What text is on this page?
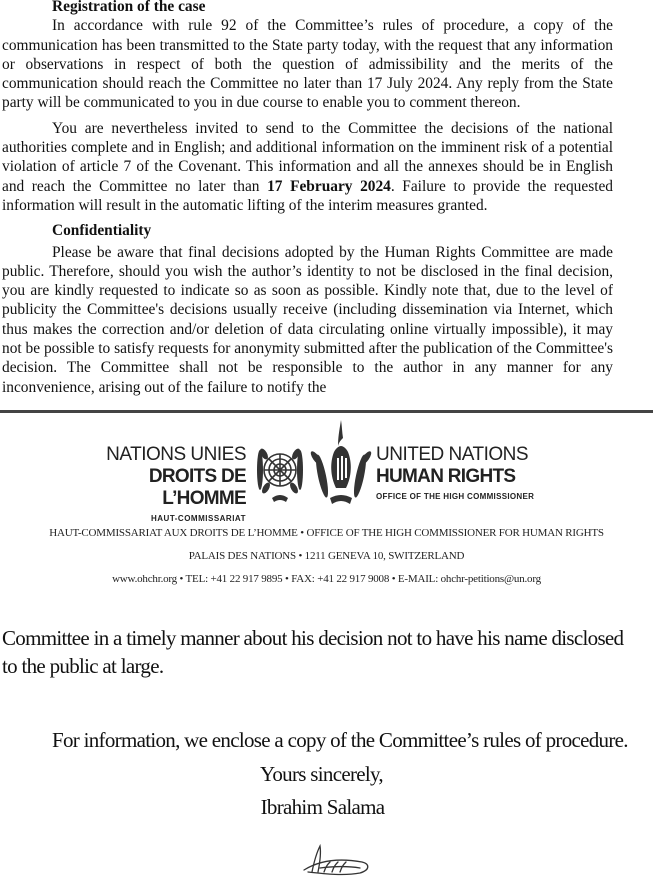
Registration of the case

In accordance with rule 92 of the Committee’s rules of procedure, a copy of the communication has been transmitted to the State party today, with the request that any information or observations in respect of both the question of admissibility and the merits of the communication should reach the Committee no later than 17 July 2024. Any reply from the State party will be communicated to you in due course to enable you to comment thereon.

You are nevertheless invited to send to the Committee the decisions of the national authorities complete and in English; and additional information on the imminent risk of a potential violation of article 7 of the Covenant. This information and all the annexes should be in English and reach the Committee no later than 17 February 2024. Failure to provide the requested information will result in the automatic lifting of the interim measures granted.

Confidentiality

Please be aware that final decisions adopted by the Human Rights Committee are made public. Therefore, should you wish the author’s identity to not be disclosed in the final decision, you are kindly requested to indicate so as soon as possible. Kindly note that, due to the level of publicity the Committee's decisions usually receive (including dissemination via Internet, which thus makes the correction and/or deletion of data circulating online virtually impossible), it may not be possible to satisfy requests for anonymity submitted after the publication of the Committee's decision. The Committee shall not be responsible to the author in any manner for any inconvenience, arising out of the failure to notify the

NATIONS UNIES
DROITS DE L’HOMME
HAUT-COMMISSARIAT
UNITED NATIONS
HUMAN RIGHTS
OFFICE OF THE HIGH COMMISSIONER
HAUT-COMMISSARIAT AUX DROITS DE L’HOMME • OFFICE OF THE HIGH COMMISSIONER FOR HUMAN RIGHTS
PALAIS DES NATIONS • 1211 GENEVA 10, SWITZERLAND
www.ohchr.org • TEL: +41 22 917 9895 • FAX: +41 22 917 9008 • E-MAIL: ohchr-petitions@un.org
Committee in a timely manner about his decision not to have his name disclosed to the public at large.
For information, we enclose a copy of the Committee’s rules of procedure.
Yours sincerely,
Ibrahim Salama
